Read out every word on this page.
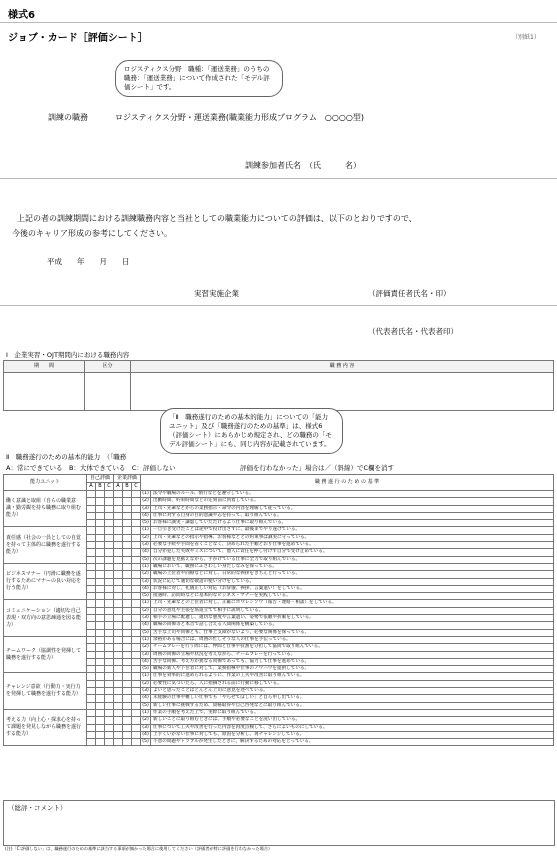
様式6
ジョブ・カード［評価シート］	（別紙1）
ロジスティクス分野　職種：「運送業務」のうちの職務：「運送業務」について作成された「モデル評価シート」です。
訓練の職務	ロジスティクス分野・運送業務(職業能力形成プログラム　○○○○型)
訓練参加者氏名　（氏　　　名）
上記の者の訓練期間における訓練職務内容と当社としての職業能力についての評価は、以下のとおりですので、
今後のキャリア形成の参考にしてください。
平成　　年　　月　　日
実習実施企業	（評価責任者氏名・印）
（代表者氏名・代表者印）
Ⅰ　企業実習・OJT期間内における職務内容
期　　間	区分	職 務 内 容

「Ⅱ　職務遂行のための基本的能力」についての「能力ユニット」及び「職務遂行のための基準」は、様式6（評価シート）にあらかじめ規定され、どの職務の「モデル評価シート」にも、同じ内容が記載されています。
Ⅱ　職務遂行のための基本的能力　（「職務
評価を行わなかった」場合は／（斜線）でC欄を消す
A：常にできている　B：大体できている　C：評価しない
能力ユニット	自己評価			企業評価			職 務 遂 行 の た め の 基 準	
	A	B	C	A	B	C		
働く意識と取組（自らの職業意識・勤労観を持ち職務に取り組む能力）							(1)	法令や職場のルール、慣行などを遵守している。
							(2)	出勤時間、約束時間などの定刻前に到着している。
							(3)	上司・先輩などからの業務指示・命令の内容を理解して従っている。
							(4)	仕事に対する自身の目的意識や志を持って、取り組んでいる。
							(5)	お客様に誠実・謙虚していただけるよう仕事に取り組んでいる。
責任感（社会の一員としての自覚を持って主体的に職務を遂行する能力）							(1)	一旦引き受けたことは途中で投げ出さずに、最後までやり遂げている。
							(2)	上司・先輩などの指示や指導、お客様などとの約束事は誠実に守っている。
							(3)	必要な手続や手間を省くことなく、決められた手順どおり仕事を進めている。
							(4)	自分が犯した失敗やミスについて、他人に責任を押し付けず自分で受け止めている。
							(5)	次の課題を見据えながら、手がけている仕事に全力で取り組んでいる。
ビジネスマナー（円滑に職務を遂行するためにマナーの良い対応を行う能力）							(1)	職場において、職務にふさわしい身だしなみを保っている。
							(2)	職場の上位者や同僚などに対し、日常的な挨拶をきちんと行っている。
							(3)	状況に応じて適切な敬語の使い分けをしている。
							(4)	お客様に対し、礼儀正しい対応（お辞儀、挨拶、言葉遣い）をしている。
							(5)	接遇時、訪問時などに基本的なビジネス・マナーを実践している。
コミュニケーション（適切な自己表現・双方向の意思疎通を図る能力）							(1)	上司・先輩などの上位者に対し、正確にホウレンソウ（報告・連絡・相談）をしている。
							(2)	自分の意見や主張を筋道立てて相手に説明している。
							(3)	相手の立場に配慮し、適切な態度や言葉遣い、姿勢で依頼や折衝をしている。
							(4)	職場の同僚等と本音で話し合える人間関係を構築している。
							(5)	苦手な上司や同僚とも、仕事上支障がないよう、必要な関係を保っている。
チームワーク（協調性を発揮して職務を遂行する能力）							(1)	余裕がある場合には、周囲の忙しそうな人の仕事を手伝っている。
							(2)	チームプレーを行う際には、仲間と仕事や役割を分担して協同で取り組んでいる。
							(3)	周囲の同僚の立場や状況を考えながら、チームプレーを行っている。
							(4)	苦手な同僚、考え方が異なる同僚であっても、協力して仕事を進めている。
							(5)	職場の新人や下位者に対して、業務指導や仕事のノウハウを提供している。
チャレンジ意欲（行動力・実行力を発揮して職務を遂行する能力）							(1)	仕事を効率的に進められるように、作業の工夫や改善に取り組んでいる。
							(2)	必要性に気づいたら、人に指摘される前に行動に移している。
							(3)	よいと思ったことはどんどん上司に意見を述べている。
							(4)	未経験の仕事や難しい仕事でも「やらせてほしい」と自ら申し出ている。
							(5)	新しい仕事に挑戦するため、資格取得や自己啓発などに取り組んでいる。
考える力（向上心・探求心を持って課題を発見しながら職務を遂行する能力）							(1)	作業の手順を考えた上で、実際に取り組んでいる。
							(2)	新しいことに取り組むときには、手順や必要なことを洗い出している。
							(3)	仕事について工夫や改善を行った内容を再度点検して、さらによいものにしている。
							(4)	上手くいかない仕事に対しても、原因を分析し、再チャレンジしている。
							(5)	不意の問題やトラブルが発生したときに、解決するための対応をとっている。
（総評・コメント）
(注)「C:評価しない」は、職務遂行のための基準に該当する事項が無かった場合に使用してください（評価者が特に評価を行わなかった場合）
